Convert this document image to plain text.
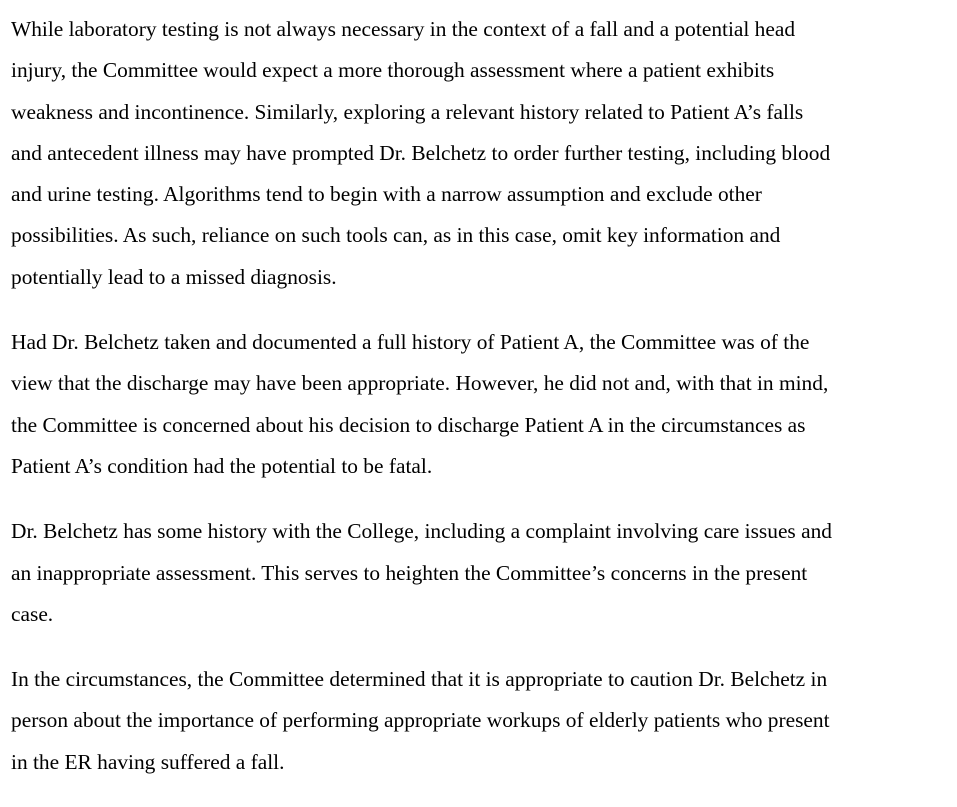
While laboratory testing is not always necessary in the context of a fall and a potential head
injury, the Committee would expect a more thorough assessment where a patient exhibits
weakness and incontinence. Similarly, exploring a relevant history related to Patient A’s falls
and antecedent illness may have prompted Dr. Belchetz to order further testing, including blood
and urine testing. Algorithms tend to begin with a narrow assumption and exclude other
possibilities. As such, reliance on such tools can, as in this case, omit key information and
potentially lead to a missed diagnosis.

Had Dr. Belchetz taken and documented a full history of Patient A, the Committee was of the
view that the discharge may have been appropriate. However, he did not and, with that in mind,
the Committee is concerned about his decision to discharge Patient A in the circumstances as
Patient A’s condition had the potential to be fatal.

Dr. Belchetz has some history with the College, including a complaint involving care issues and
an inappropriate assessment. This serves to heighten the Committee’s concerns in the present
case.

In the circumstances, the Committee determined that it is appropriate to caution Dr. Belchetz in
person about the importance of performing appropriate workups of elderly patients who present
in the ER having suffered a fall.
